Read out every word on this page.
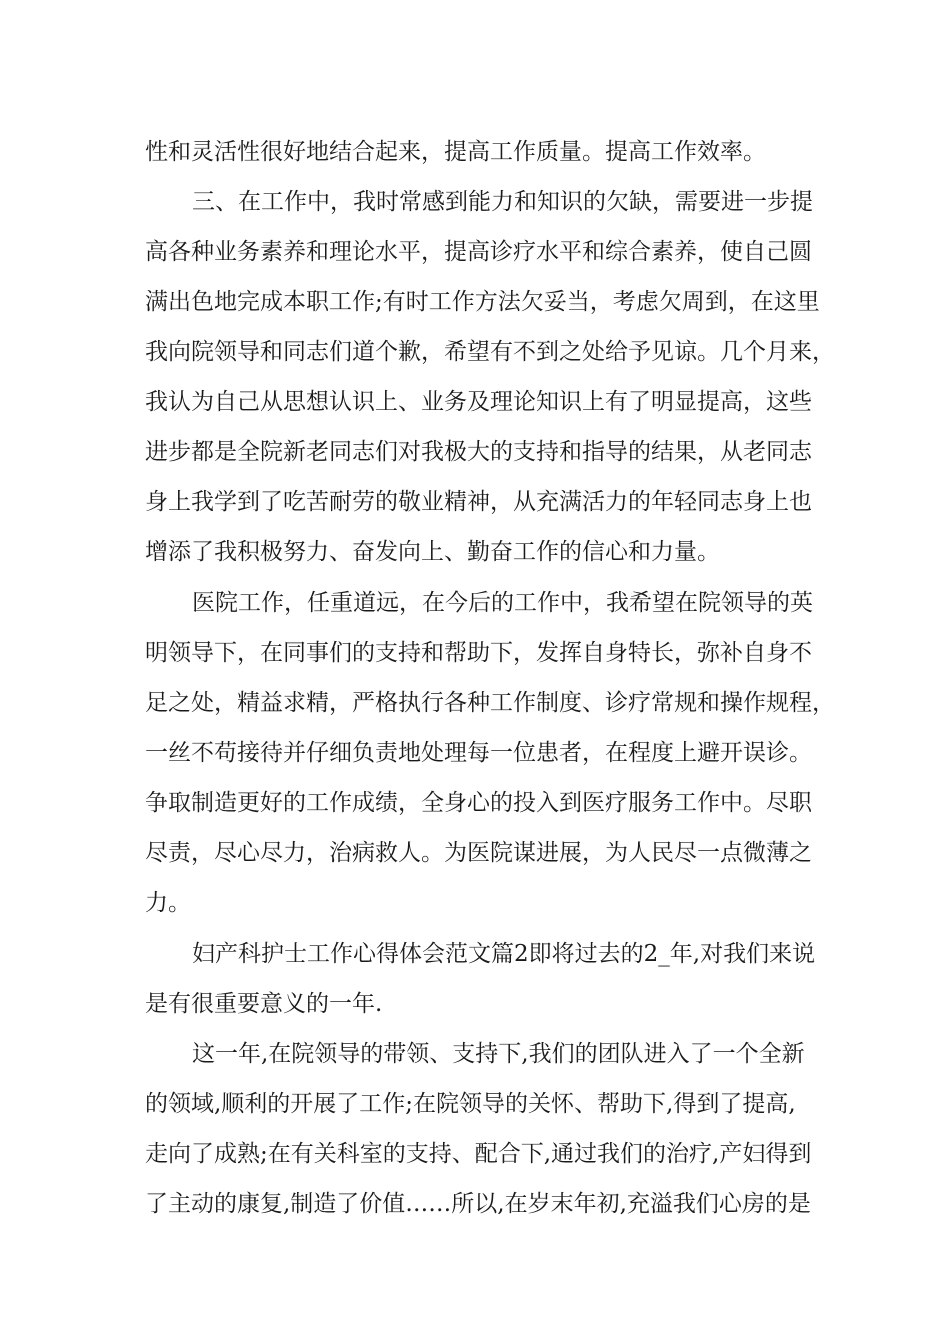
性和灵活性很好地结合起来，提高工作质量。提高工作效率。
三、在工作中，我时常感到能力和知识的欠缺，需要进一步提
高各种业务素养和理论水平，提高诊疗水平和综合素养，使自己圆
满出色地完成本职工作;有时工作方法欠妥当，考虑欠周到，在这里
我向院领导和同志们道个歉，希望有不到之处给予见谅。几个月来，
我认为自己从思想认识上、业务及理论知识上有了明显提高，这些
进步都是全院新老同志们对我极大的支持和指导的结果，从老同志
身上我学到了吃苦耐劳的敬业精神，从充满活力的年轻同志身上也
增添了我积极努力、奋发向上、勤奋工作的信心和力量。
医院工作，任重道远，在今后的工作中，我希望在院领导的英
明领导下，在同事们的支持和帮助下，发挥自身特长，弥补自身不
足之处，精益求精，严格执行各种工作制度、诊疗常规和操作规程，
一丝不苟接待并仔细负责地处理每一位患者，在程度上避开误诊。
争取制造更好的工作成绩，全身心的投入到医疗服务工作中。尽职
尽责，尽心尽力，治病救人。为医院谋进展，为人民尽一点微薄之
力。
妇产科护士工作心得体会范文篇2即将过去的2_年,对我们来说
是有很重要意义的一年.
这一年,在院领导的带领、支持下,我们的团队进入了一个全新
的领域,顺利的开展了工作;在院领导的关怀、帮助下,得到了提高,
走向了成熟;在有关科室的支持、配合下,通过我们的治疗,产妇得到
了主动的康复,制造了价值……所以,在岁末年初,充溢我们心房的是
